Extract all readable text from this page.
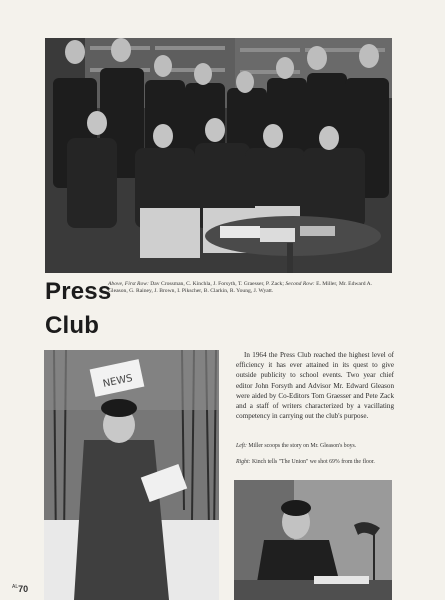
Press
Club
Above, First Row: Dav Crossman, C. Kinchla, J. Forsyth, T. Graesser, P. Zack; Second Row: E. Miller, Mr. Edward A. Gleason, G. Rainey, J. Brown, I. Pikscher, B. Clarkin, R. Young, J. Wyatt.
NEWS
In 1964 the Press Club reached the highest level of efficiency it has ever attained in its quest to give outside publicity to school events. Two year chief editor John Forsyth and Advisor Mr. Edward Gleason were aided by Co-Editors Tom Graesser and Pete Zack and a staff of writers characterized by a vacillating competency in carrying out the club's purpose.
Left: Miller scoops the story on Mr. Gleason's boys.
Right: Kinch tells "The Union" we shot 69% from the floor.
$^{AL}$70
